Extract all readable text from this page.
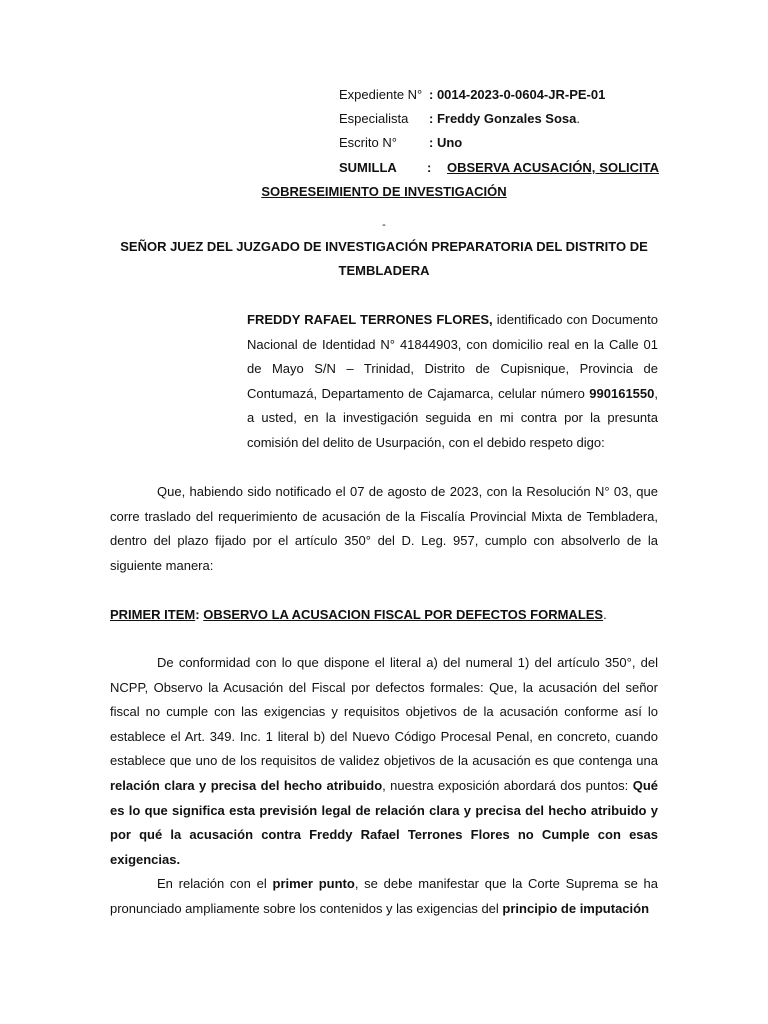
Expediente N° : 0014-2023-0-0604-JR-PE-01
Especialista : Freddy Gonzales Sosa.
Escrito N° : Uno
SUMILLA : OBSERVA ACUSACIÓN, SOLICITA
SOBRESEIMIENTO DE INVESTIGACIÓN
-
SEÑOR JUEZ DEL JUZGADO DE INVESTIGACIÓN PREPARATORIA DEL DISTRITO DE
TEMBLADERA

FREDDY RAFAEL TERRONES FLORES, identificado con Documento Nacional de Identidad N° 41844903, con domicilio real en la Calle 01 de Mayo S/N – Trinidad, Distrito de Cupisnique, Provincia de Contumazá, Departamento de Cajamarca, celular número 990161550, a usted, en la investigación seguida en mi contra por la presunta comisión del delito de Usurpación, con el debido respeto digo:

Que, habiendo sido notificado el 07 de agosto de 2023, con la Resolución N° 03, que corre traslado del requerimiento de acusación de la Fiscalía Provincial Mixta de Tembladera, dentro del plazo fijado por el artículo 350° del D. Leg. 957, cumplo con absolverlo de la siguiente manera:

PRIMER ITEM: OBSERVO LA ACUSACION FISCAL POR DEFECTOS FORMALES.

De conformidad con lo que dispone el literal a) del numeral 1) del artículo 350°, del NCPP, Observo la Acusación del Fiscal por defectos formales: Que, la acusación del señor fiscal no cumple con las exigencias y requisitos objetivos de la acusación conforme así lo establece el Art. 349. Inc. 1 literal b) del Nuevo Código Procesal Penal, en concreto, cuando establece que uno de los requisitos de validez objetivos de la acusación es que contenga una relación clara y precisa del hecho atribuido, nuestra exposición abordará dos puntos: Qué es lo que significa esta previsión legal de relación clara y precisa del hecho atribuido y por qué la acusación contra Freddy Rafael Terrones Flores no Cumple con esas exigencias.

En relación con el primer punto, se debe manifestar que la Corte Suprema se ha pronunciado ampliamente sobre los contenidos y las exigencias del principio de imputación
